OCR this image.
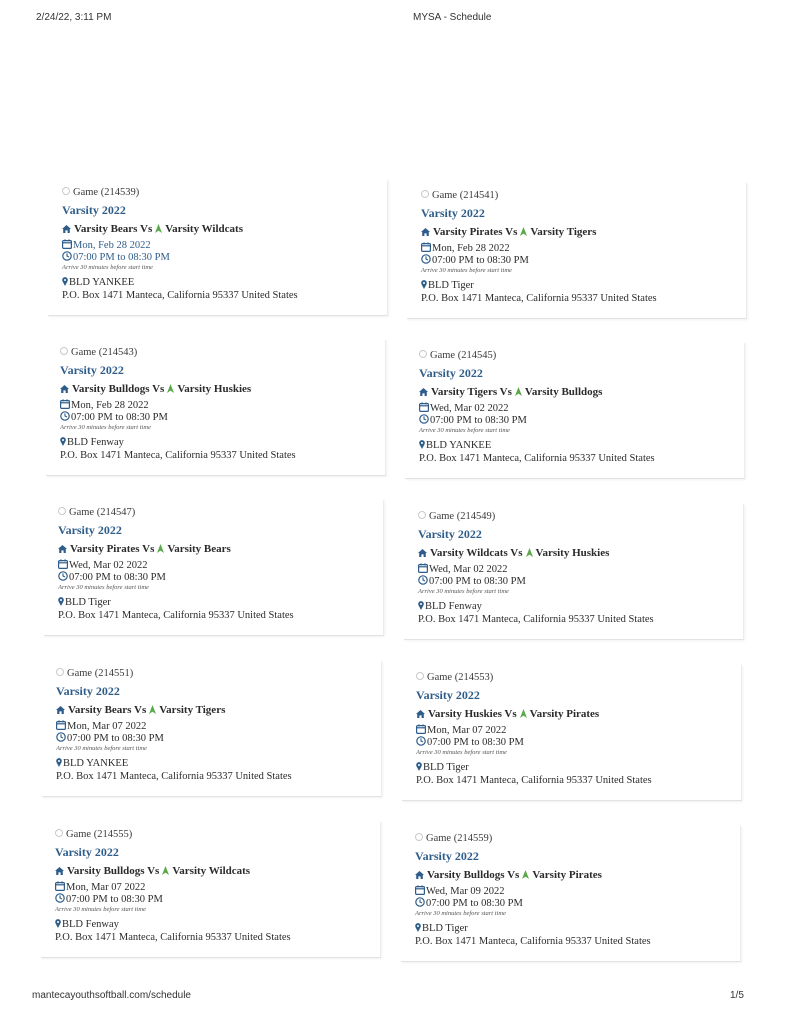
2/24/22, 3:11 PM	MYSA - Schedule
Game (214539)
Varsity 2022
Varsity Bears Vs Varsity Wildcats
Mon, Feb 28 2022
07:00 PM to 08:30 PM
Arrive 30 minutes before start time
BLD YANKEE
P.O. Box 1471 Manteca, California 95337 United States
Game (214541)
Varsity 2022
Varsity Pirates Vs Varsity Tigers
Mon, Feb 28 2022
07:00 PM to 08:30 PM
Arrive 30 minutes before start time
BLD Tiger
P.O. Box 1471 Manteca, California 95337 United States
Game (214543)
Varsity 2022
Varsity Bulldogs Vs Varsity Huskies
Mon, Feb 28 2022
07:00 PM to 08:30 PM
Arrive 30 minutes before start time
BLD Fenway
P.O. Box 1471 Manteca, California 95337 United States
Game (214545)
Varsity 2022
Varsity Tigers Vs Varsity Bulldogs
Wed, Mar 02 2022
07:00 PM to 08:30 PM
Arrive 30 minutes before start time
BLD YANKEE
P.O. Box 1471 Manteca, California 95337 United States
Game (214547)
Varsity 2022
Varsity Pirates Vs Varsity Bears
Wed, Mar 02 2022
07:00 PM to 08:30 PM
Arrive 30 minutes before start time
BLD Tiger
P.O. Box 1471 Manteca, California 95337 United States
Game (214549)
Varsity 2022
Varsity Wildcats Vs Varsity Huskies
Wed, Mar 02 2022
07:00 PM to 08:30 PM
Arrive 30 minutes before start time
BLD Fenway
P.O. Box 1471 Manteca, California 95337 United States
Game (214551)
Varsity 2022
Varsity Bears Vs Varsity Tigers
Mon, Mar 07 2022
07:00 PM to 08:30 PM
Arrive 30 minutes before start time
BLD YANKEE
P.O. Box 1471 Manteca, California 95337 United States
Game (214553)
Varsity 2022
Varsity Huskies Vs Varsity Pirates
Mon, Mar 07 2022
07:00 PM to 08:30 PM
Arrive 30 minutes before start time
BLD Tiger
P.O. Box 1471 Manteca, California 95337 United States
Game (214555)
Varsity 2022
Varsity Bulldogs Vs Varsity Wildcats
Mon, Mar 07 2022
07:00 PM to 08:30 PM
Arrive 30 minutes before start time
BLD Fenway
P.O. Box 1471 Manteca, California 95337 United States
Game (214559)
Varsity 2022
Varsity Bulldogs Vs Varsity Pirates
Wed, Mar 09 2022
07:00 PM to 08:30 PM
Arrive 30 minutes before start time
BLD Tiger
P.O. Box 1471 Manteca, California 95337 United States
mantecayouthsoftball.com/schedule	1/5
